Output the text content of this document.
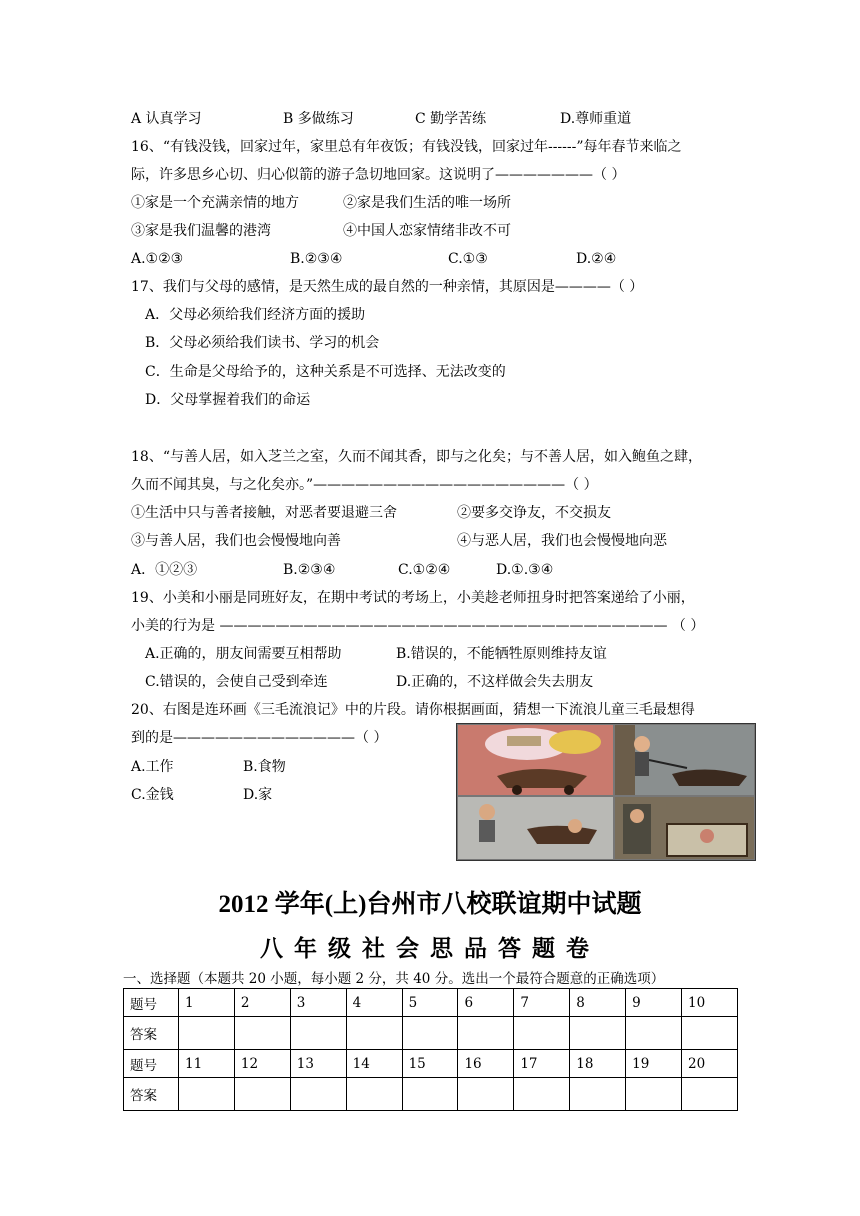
A 认真学习	B 多做练习	C 勤学苦练	D.尊师重道
16、“有钱没钱，回家过年，家里总有年夜饭；有钱没钱，回家过年------”每年春节来临之
际，许多思乡心切、归心似箭的游子急切地回家。这说明了———————（ ）
①家是一个充满亲情的地方	②家是我们生活的唯一场所
③家是我们温馨的港湾	④中国人恋家情绪非改不可
A.①②③	B.②③④	C.①③	D.②④
17、我们与父母的感情，是天然生成的最自然的一种亲情，其原因是————（ ）
A．父母必须给我们经济方面的援助
B．父母必须给我们读书、学习的机会
C．生命是父母给予的，这种关系是不可选择、无法改变的
D．父母掌握着我们的命运
18、“与善人居，如入芝兰之室，久而不闻其香，即与之化矣；与不善人居，如入鲍鱼之肆，
久而不闻其臭，与之化矣亦。”——————————————————（ ）
①生活中只与善者接触，对恶者要退避三舍	②要多交诤友，不交损友
③与善人居，我们也会慢慢地向善	④与恶人居，我们也会慢慢地向恶
A．①②③	B.②③④	C.①②④	D.①.③④
19、小美和小丽是同班好友，在期中考试的考场上，小美趁老师扭身时把答案递给了小丽，
小美的行为是 ———————————————————————————————— （ ）
A.正确的，朋友间需要互相帮助	B.错误的，不能牺牲原则维持友谊
C.错误的，会使自己受到牵连	D.正确的，不这样做会失去朋友
20、右图是连环画《三毛流浪记》中的片段。请你根据画面，猜想一下流浪儿童三毛最想得
到的是—————————————（ ）
A.工作	B.食物
C.金钱	D.家
2012 学年(上)台州市八校联谊期中试题
八年级社会思品答题卷
一、选择题（本题共 20 小题，每小题 2 分，共 40 分。选出一个最符合题意的正确选项）
题号	1	2	3	4	5	6	7	8	9	10
答案										
题号	11	12	13	14	15	16	17	18	19	20
答案										
